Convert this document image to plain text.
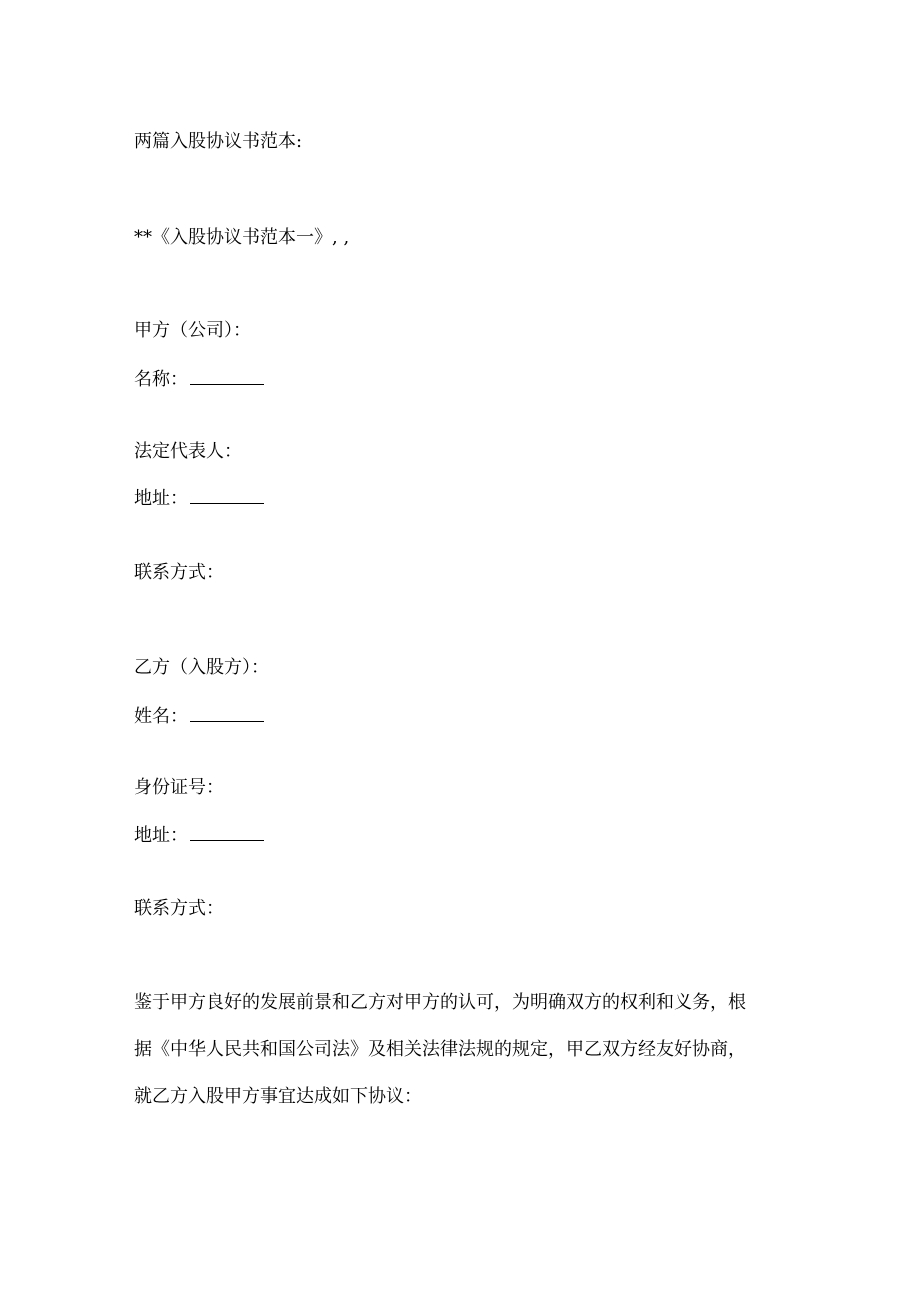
两篇入股协议书范本:
**《入股协议书范本一》, ,
甲方（公司）：
名称：
法定代表人：
地址：
联系方式：
乙方（入股方）：
姓名：
身份证号：
地址：
联系方式：
鉴于甲方良好的发展前景和乙方对甲方的认可，为明确双方的权利和义务，根
据《中华人民共和国公司法》及相关法律法规的规定，甲乙双方经友好协商，
就乙方入股甲方事宜达成如下协议：
